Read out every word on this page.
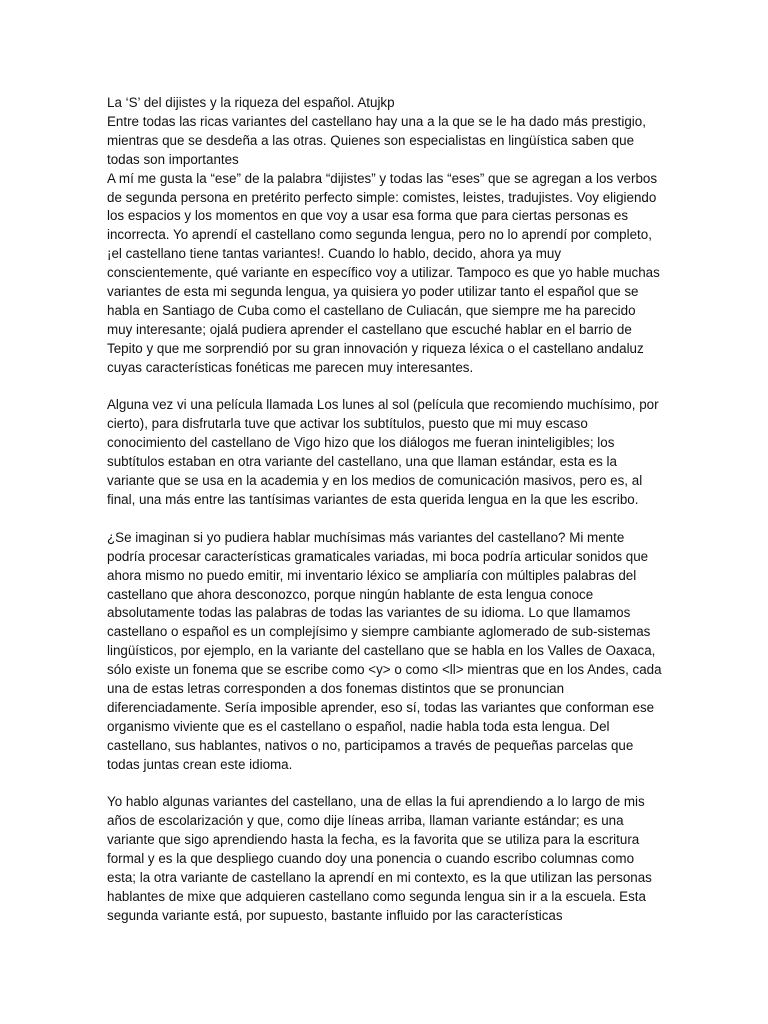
La ‘S’ del dijistes y la riqueza del español. Atujkp

Entre todas las ricas variantes del castellano hay una a la que se le ha dado más prestigio, mientras que se desdeña a las otras. Quienes son especialistas en lingüística saben que todas son importantes

A mí me gusta la “ese” de la palabra “dijistes” y todas las “eses” que se agregan a los verbos de segunda persona en pretérito perfecto simple: comistes, leistes, tradujistes. Voy eligiendo los espacios y los momentos en que voy a usar esa forma que para ciertas personas es incorrecta. Yo aprendí el castellano como segunda lengua, pero no lo aprendí por completo, ¡el castellano tiene tantas variantes!. Cuando lo hablo, decido, ahora ya muy conscientemente, qué variante en específico voy a utilizar. Tampoco es que yo hable muchas variantes de esta mi segunda lengua, ya quisiera yo poder utilizar tanto el español que se habla en Santiago de Cuba como el castellano de Culiacán, que siempre me ha parecido muy interesante; ojalá pudiera aprender el castellano que escuché hablar en el barrio de Tepito y que me sorprendió por su gran innovación y riqueza léxica o el castellano andaluz cuyas características fonéticas me parecen muy interesantes.

Alguna vez vi una película llamada Los lunes al sol (película que recomiendo muchísimo, por cierto), para disfrutarla tuve que activar los subtítulos, puesto que mi muy escaso conocimiento del castellano de Vigo hizo que los diálogos me fueran ininteligibles; los subtítulos estaban en otra variante del castellano, una que llaman estándar, esta es la variante que se usa en la academia y en los medios de comunicación masivos, pero es, al final, una más entre las tantísimas variantes de esta querida lengua en la que les escribo.

¿Se imaginan si yo pudiera hablar muchísimas más variantes del castellano? Mi mente podría procesar características gramaticales variadas, mi boca podría articular sonidos que ahora mismo no puedo emitir, mi inventario léxico se ampliaría con múltiples palabras del castellano que ahora desconozco, porque ningún hablante de esta lengua conoce absolutamente todas las palabras de todas las variantes de su idioma. Lo que llamamos castellano o español es un complejísimo y siempre cambiante aglomerado de sub-sistemas lingüísticos, por ejemplo, en la variante del castellano que se habla en los Valles de Oaxaca, sólo existe un fonema que se escribe como <y> o como <ll> mientras que en los Andes, cada una de estas letras corresponden a dos fonemas distintos que se pronuncian diferenciadamente. Sería imposible aprender, eso sí, todas las variantes que conforman ese organismo viviente que es el castellano o español, nadie habla toda esta lengua. Del castellano, sus hablantes, nativos o no, participamos a través de pequeñas parcelas que todas juntas crean este idioma.

Yo hablo algunas variantes del castellano, una de ellas la fui aprendiendo a lo largo de mis años de escolarización y que, como dije líneas arriba, llaman variante estándar; es una variante que sigo aprendiendo hasta la fecha, es la favorita que se utiliza para la escritura formal y es la que despliego cuando doy una ponencia o cuando escribo columnas como esta; la otra variante de castellano la aprendí en mi contexto, es la que utilizan las personas hablantes de mixe que adquieren castellano como segunda lengua sin ir a la escuela. Esta segunda variante está, por supuesto, bastante influido por las características
